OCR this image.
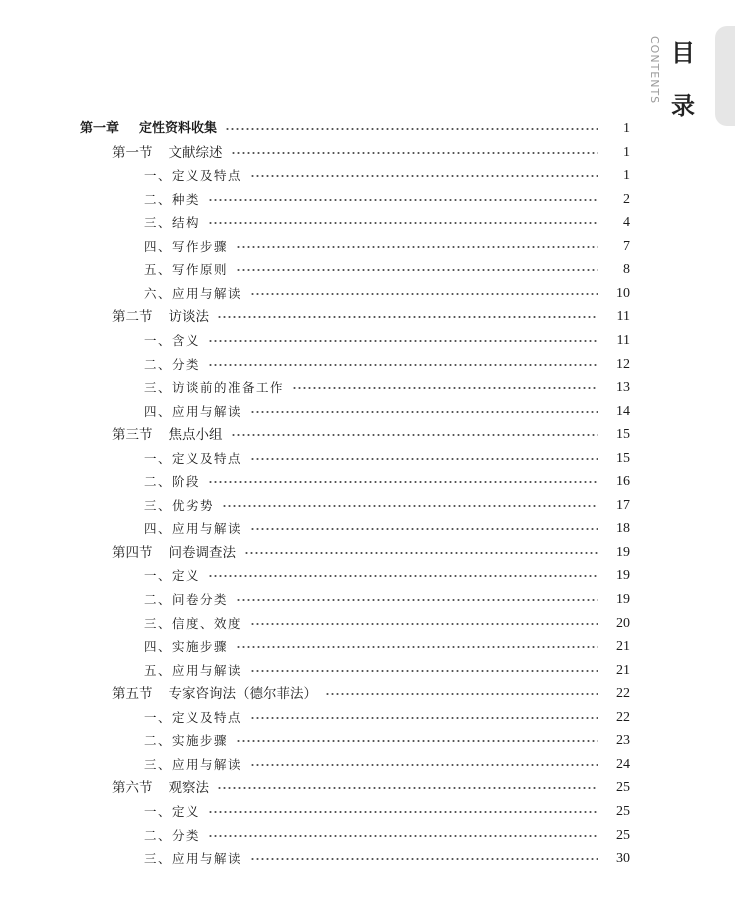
CONTENTS 目
录
第一章 定性资料收集	1
第一节 文献综述	1
一、定义及特点	1
二、种类	2
三、结构	4
四、写作步骤	7
五、写作原则	8
六、应用与解读	10
第二节 访谈法	11
一、含义	11
二、分类	12
三、访谈前的准备工作	13
四、应用与解读	14
第三节 焦点小组	15
一、定义及特点	15
二、阶段	16
三、优劣势	17
四、应用与解读	18
第四节 问卷调查法	19
一、定义	19
二、问卷分类	19
三、信度、效度	20
四、实施步骤	21
五、应用与解读	21
第五节 专家咨询法（德尔菲法）	22
一、定义及特点	22
二、实施步骤	23
三、应用与解读	24
第六节 观察法	25
一、定义	25
二、分类	25
三、应用与解读	30
